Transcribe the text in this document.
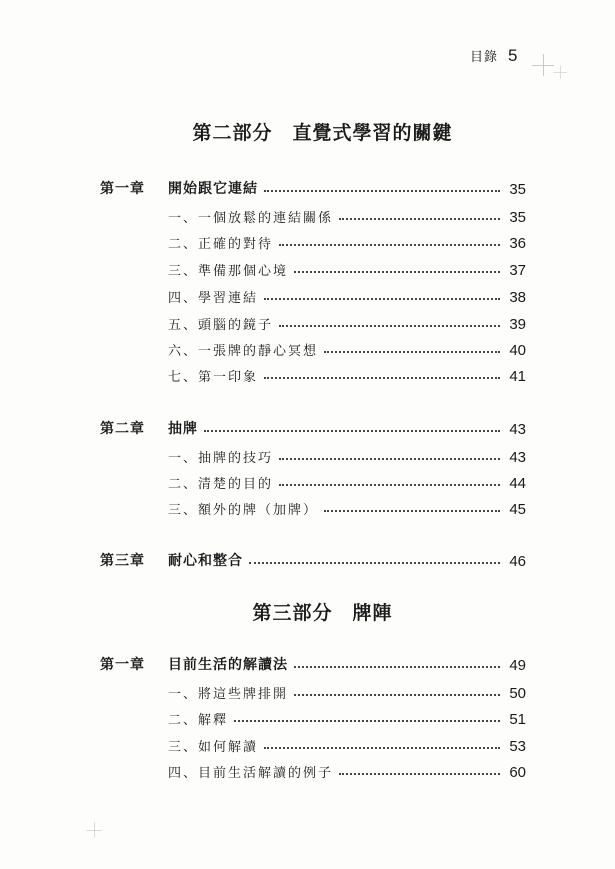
目錄 5
第二部分　直覺式學習的關鍵
第一章	開始跟它連結	35
一、一個放鬆的連結關係	35
二、正確的對待	36
三、準備那個心境	37
四、學習連結	38
五、頭腦的鏡子	39
六、一張牌的靜心冥想	40
七、第一印象	41
第二章	抽牌	43
一、抽牌的技巧	43
二、清楚的目的	44
三、額外的牌（加牌）	45
第三章	耐心和整合	46
第三部分　牌陣
第一章	目前生活的解讀法	49
一、將這些牌排開	50
二、解釋	51
三、如何解讀	53
四、目前生活解讀的例子	60
